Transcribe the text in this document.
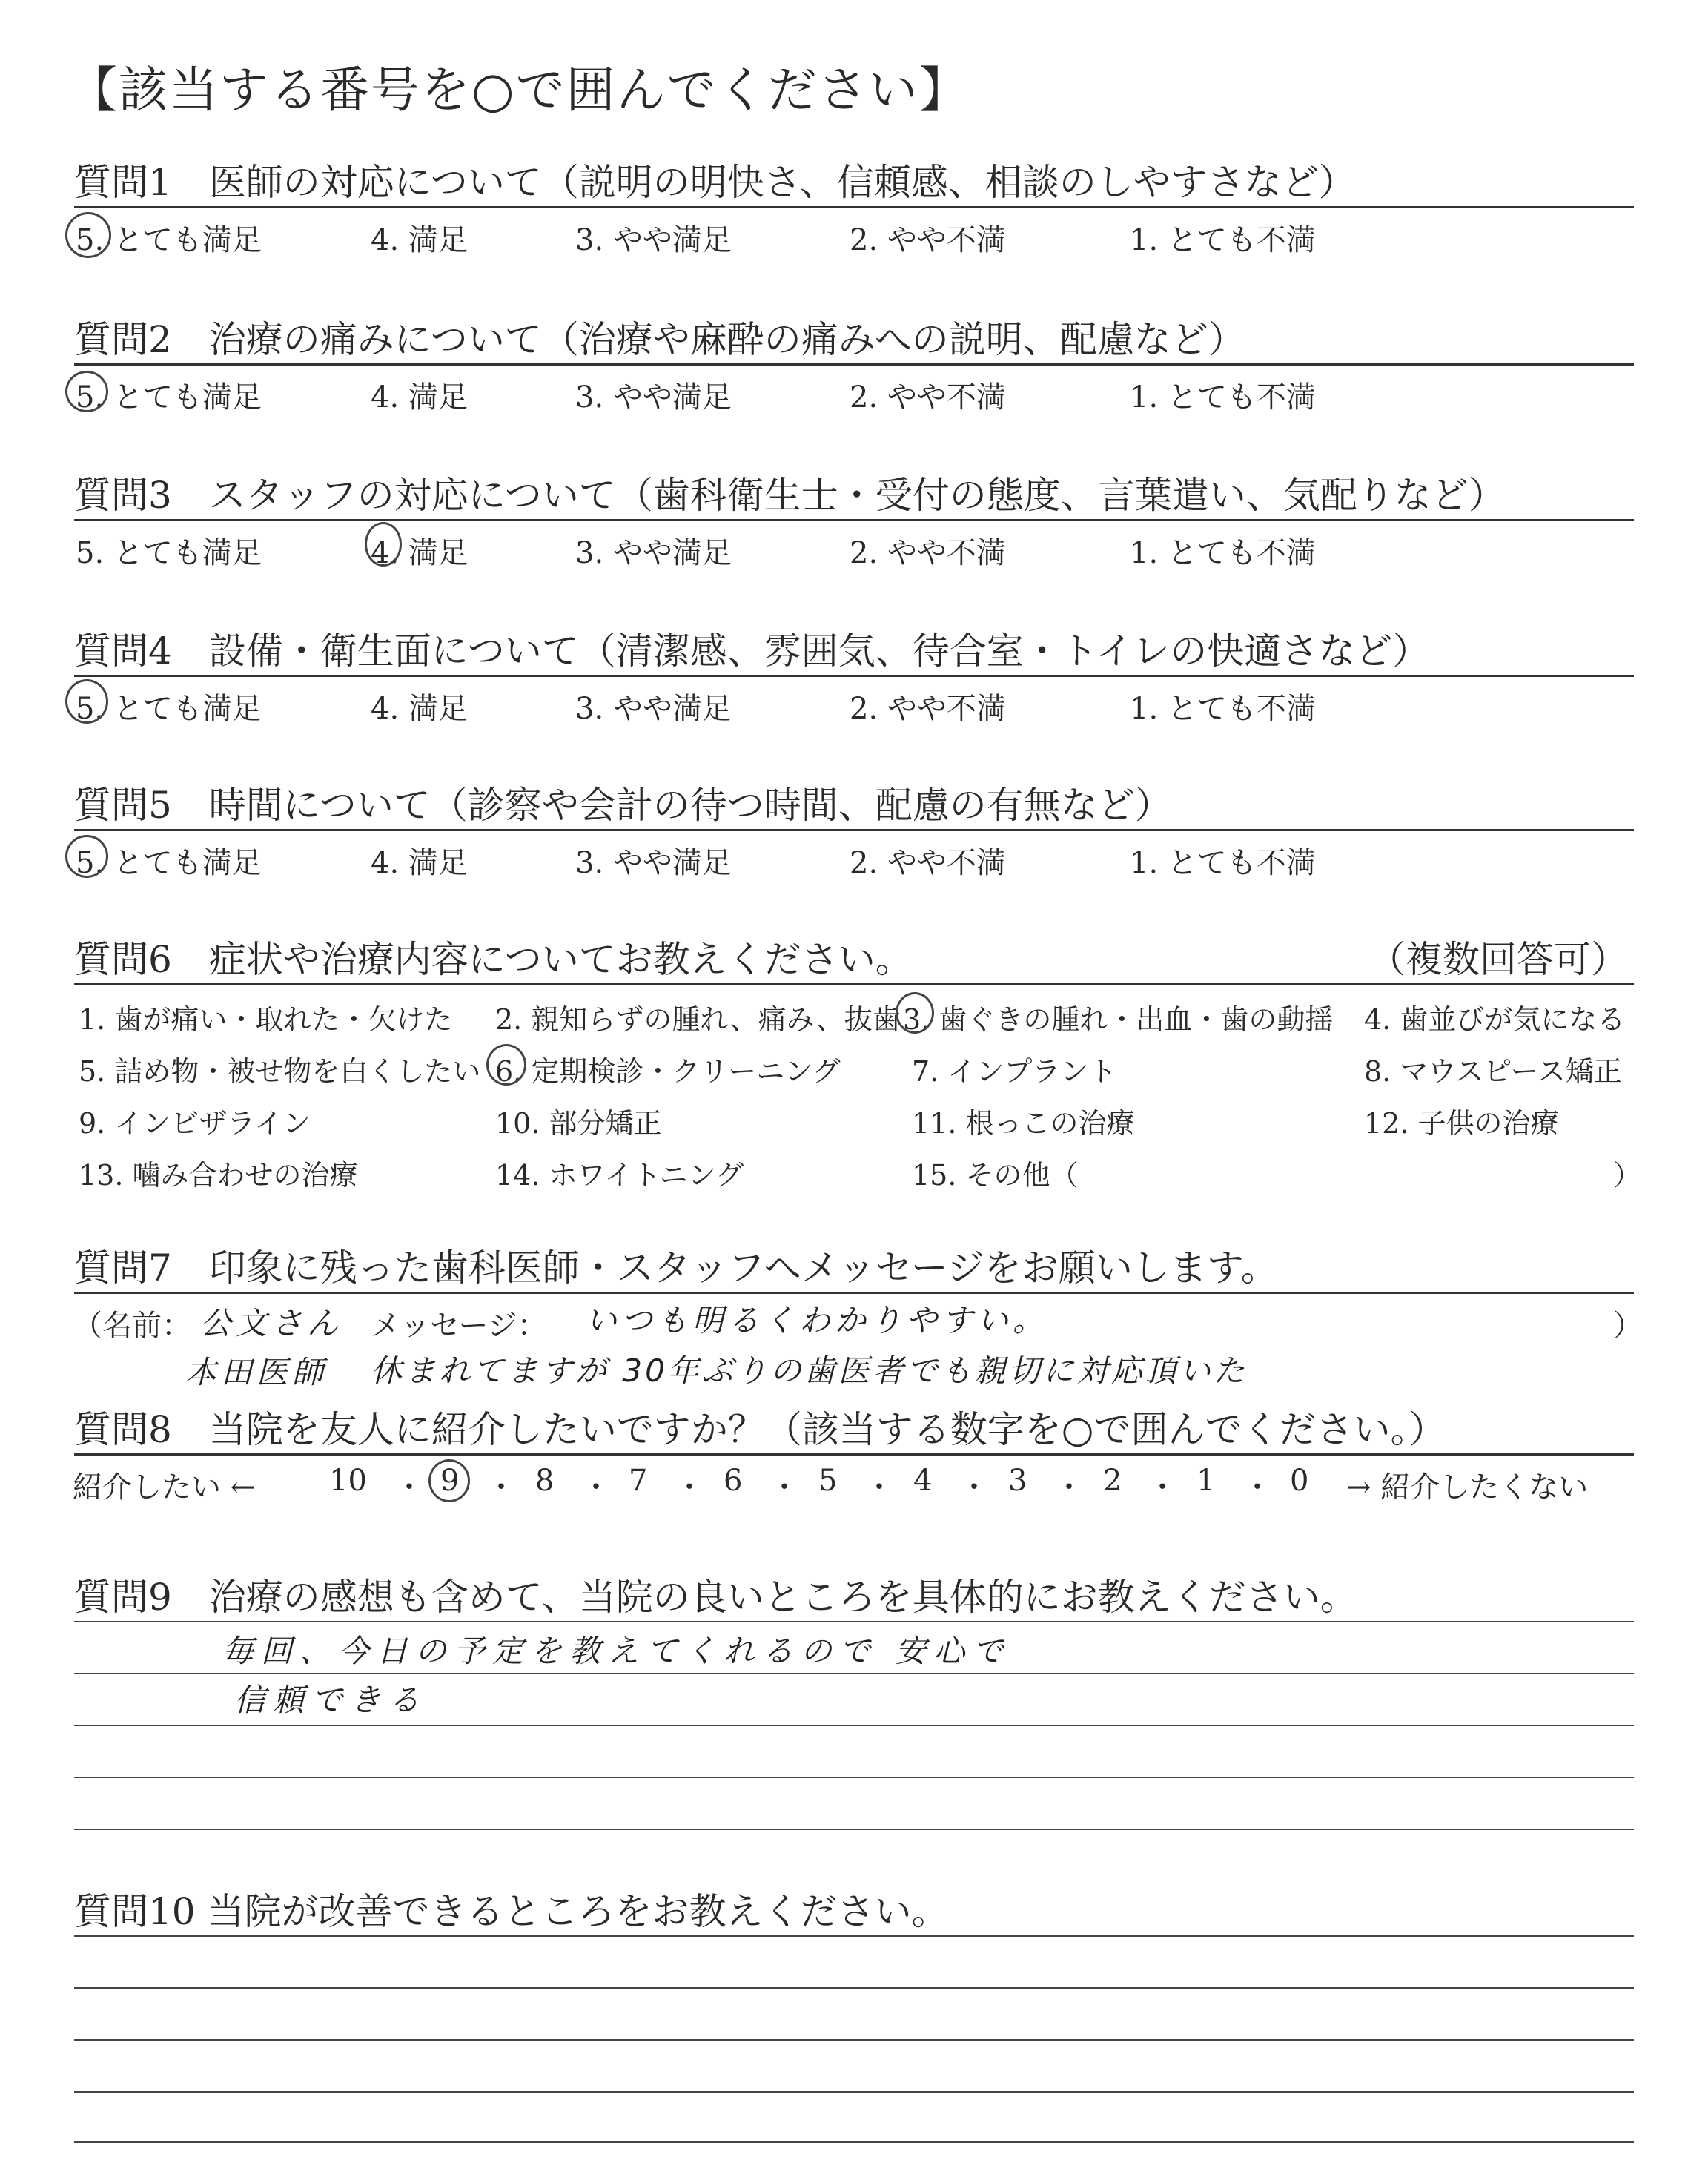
【該当する番号を○で囲んでください】
質問1　医師の対応について（説明の明快さ、信頼感、相談のしやすさなど）
5. とても満足	4. 満足	3. やや満足	2. やや不満	1. とても不満
質問2　治療の痛みについて（治療や麻酔の痛みへの説明、配慮など）
5. とても満足	4. 満足	3. やや満足	2. やや不満	1. とても不満
質問3　スタッフの対応について（歯科衛生士・受付の態度、言葉遣い、気配りなど）
5. とても満足	4. 満足	3. やや満足	2. やや不満	1. とても不満
質問4　設備・衛生面について（清潔感、雰囲気、待合室・トイレの快適さなど）
5. とても満足	4. 満足	3. やや満足	2. やや不満	1. とても不満
質問5　時間について（診察や会計の待つ時間、配慮の有無など）
5. とても満足	4. 満足	3. やや満足	2. やや不満	1. とても不満
質問6　症状や治療内容についてお教えください。	（複数回答可）
1. 歯が痛い・取れた・欠けた 2. 親知らずの腫れ、痛み、抜歯 3. 歯ぐきの腫れ・出血・歯の動揺 4. 歯並びが気になる
5. 詰め物・被せ物を白くしたい 6. 定期検診・クリーニング	7. インプラント	8. マウスピース矯正
9. インビザライン	10. 部分矯正	11. 根っこの治療	12. 子供の治療
13. 噛み合わせの治療	14. ホワイトニング	15. その他（	）
質問7　印象に残った歯科医師・スタッフへメッセージをお願いします。
（名前：	メッセージ：	）
公文さん	いつも明るくわかりやすい。
本田医師 休まれてますが 30年ぶりの歯医者でも親切に対応頂いた
質問8　当院を友人に紹介したいですか？（該当する数字を○で囲んでください。）
紹介したい ←	→ 紹介したくない
10 9	8	7	6	5	4	3	2	1	0
・ ・ ・ ・ ・ ・ ・ ・ ・ ・
質問9　治療の感想も含めて、当院の良いところを具体的にお教えください。
毎回、今日の予定を教えてくれるので 安心で
信頼できる
質問10 当院が改善できるところをお教えください。
